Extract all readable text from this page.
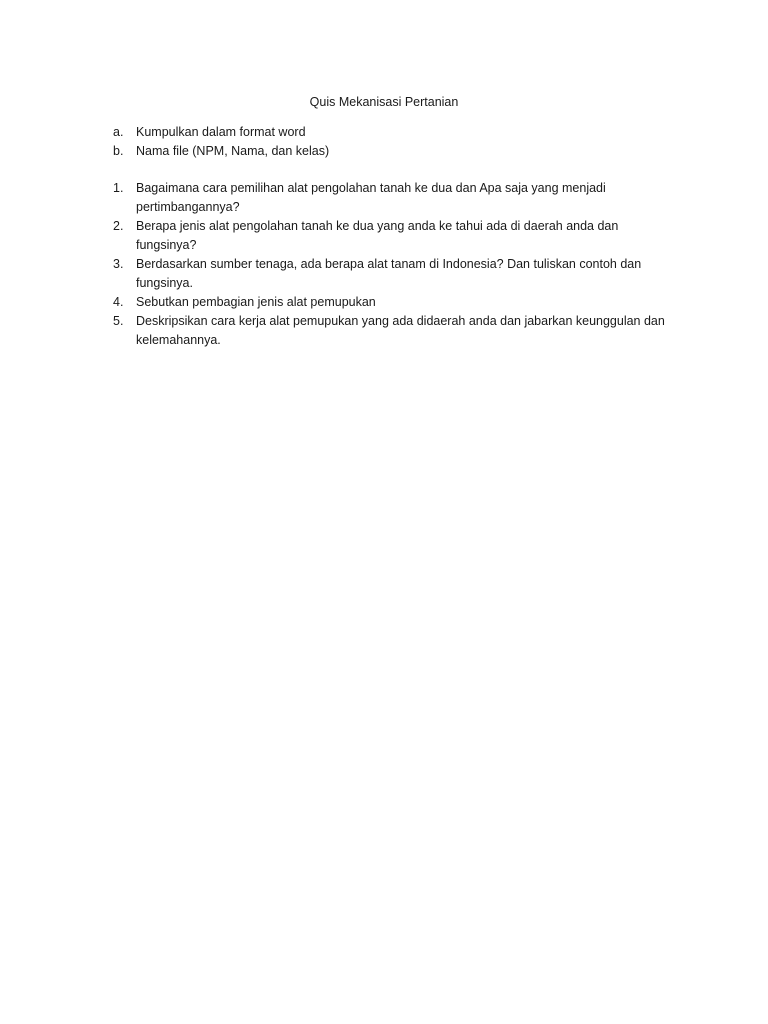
Quis Mekanisasi Pertanian
a. Kumpulkan dalam format word
b. Nama file (NPM, Nama, dan kelas)
1. Bagaimana cara pemilihan alat pengolahan tanah ke dua dan Apa saja yang menjadi
pertimbangannya?
2. Berapa jenis alat pengolahan tanah ke dua yang anda ke tahui ada di daerah anda dan
fungsinya?
3. Berdasarkan sumber tenaga, ada berapa alat tanam di Indonesia? Dan tuliskan contoh dan
fungsinya.
4. Sebutkan pembagian jenis alat pemupukan
5. Deskripsikan cara kerja alat pemupukan yang ada didaerah anda dan jabarkan keunggulan dan
kelemahannya.
